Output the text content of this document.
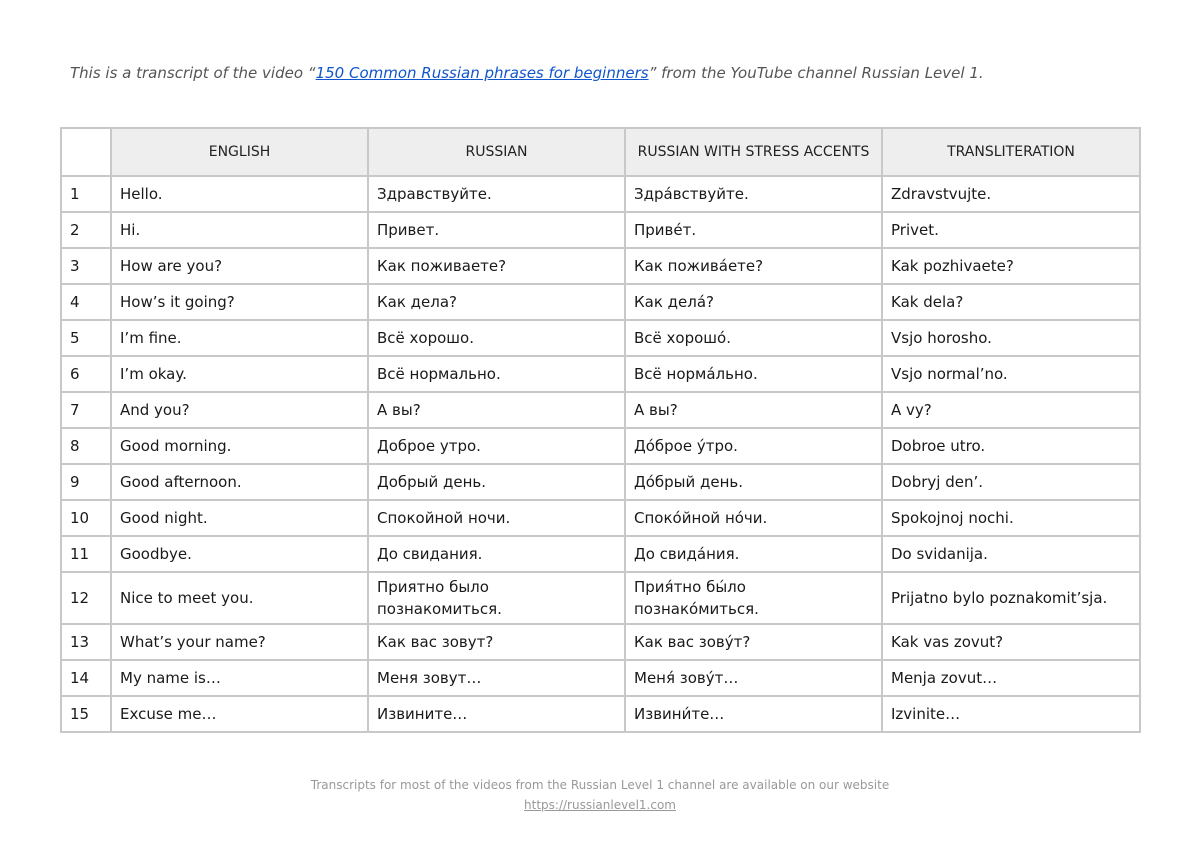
This is a transcript of the video “150 Common Russian phrases for beginners” from the YouTube channel Russian Level 1.
	ENGLISH	RUSSIAN	RUSSIAN WITH STRESS ACCENTS	TRANSLITERATION
1	Hello.	Здравствуйте.	Здра́вствуйте.	Zdravstvujte.
2	Hi.	Привет.	Приве́т.	Privet.
3	How are you?	Как поживаете?	Как пожива́ете?	Kak pozhivaete?
4	How’s it going?	Как дела?	Как дела́?	Kak dela?
5	I’m fine.	Всё хорошо.	Всё хорошо́.	Vsjo horosho.
6	I’m okay.	Всё нормально.	Всё норма́льно.	Vsjo normal’no.
7	And you?	А вы?	А вы?	A vy?
8	Good morning.	Доброе утро.	До́брое у́тро.	Dobroe utro.
9	Good afternoon.	Добрый день.	До́брый день.	Dobryj den’.
10	Good night.	Спокойной ночи.	Споко́йной но́чи.	Spokojnoj nochi.
11	Goodbye.	До свидания.	До свида́ния.	Do svidanija.
12	Nice to meet you.	Приятно было познакомиться.	Прия́тно бы́ло познако́миться.	Prijatno bylo poznakomit’sja.
13	What’s your name?	Как вас зовут?	Как вас зову́т?	Kak vas zovut?
14	My name is…	Меня зовут…	Меня́ зову́т…	Menja zovut…
15	Excuse me…	Извините…	Извини́те…	Izvinite…
Transcripts for most of the videos from the Russian Level 1 channel are available on our website
https://russianlevel1.com
